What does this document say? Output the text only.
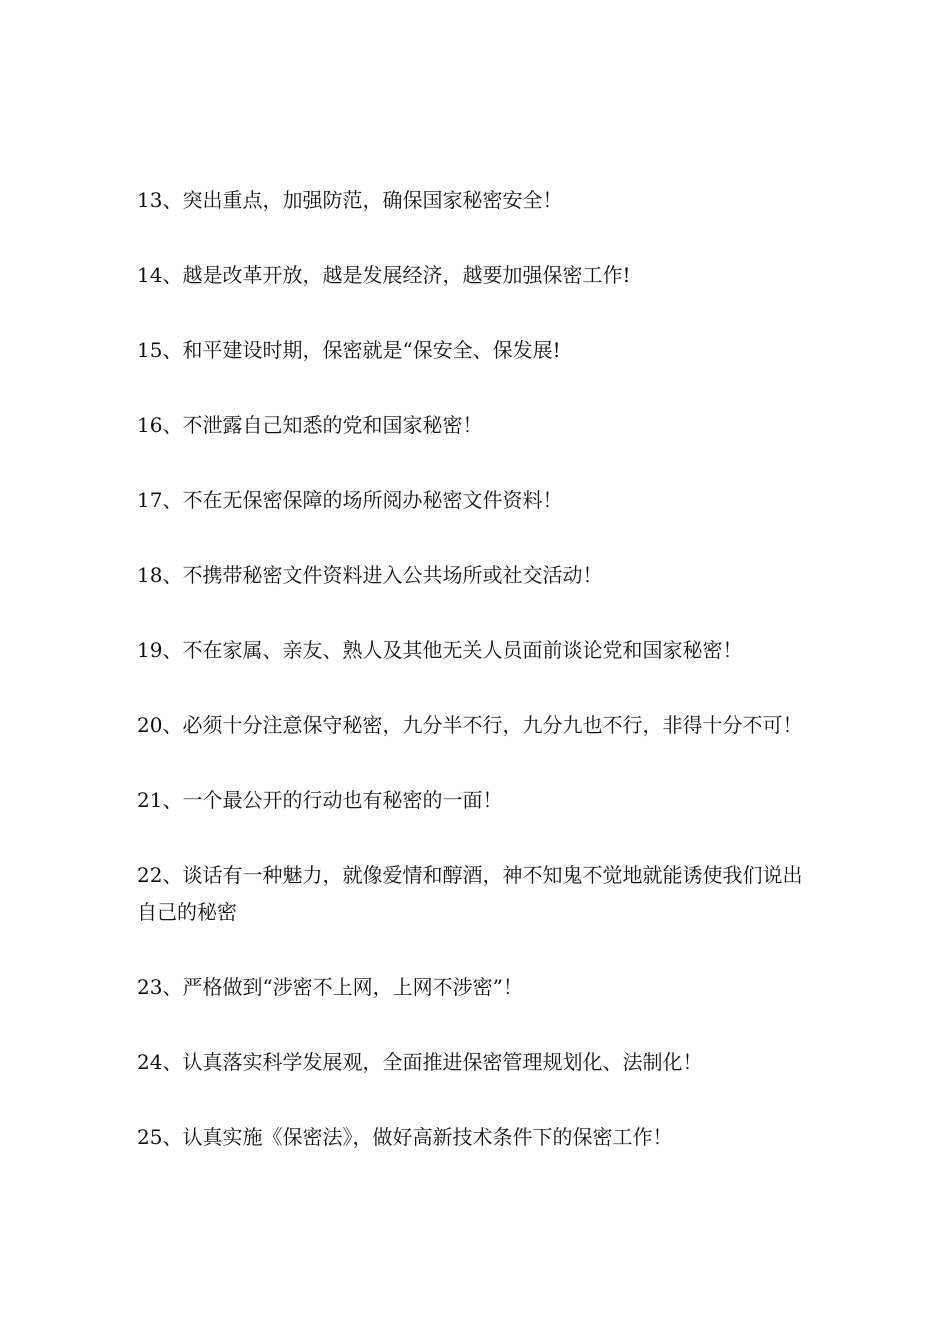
13、突出重点，加强防范，确保国家秘密安全！

14、越是改革开放，越是发展经济，越要加强保密工作!

15、和平建设时期，保密就是“保安全、保发展!

16、不泄露自己知悉的党和国家秘密！

17、不在无保密保障的场所阅办秘密文件资料！

18、不携带秘密文件资料进入公共场所或社交活动！

19、不在家属、亲友、熟人及其他无关人员面前谈论党和国家秘密！

20、必须十分注意保守秘密，九分半不行，九分九也不行，非得十分不可！

21、一个最公开的行动也有秘密的一面！

22、谈话有一种魅力，就像爱情和醇酒，神不知鬼不觉地就能诱使我们说出自己的秘密

23、严格做到“涉密不上网，上网不涉密”！

24、认真落实科学发展观，全面推进保密管理规划化、法制化！

25、认真实施《保密法》，做好高新技术条件下的保密工作！
